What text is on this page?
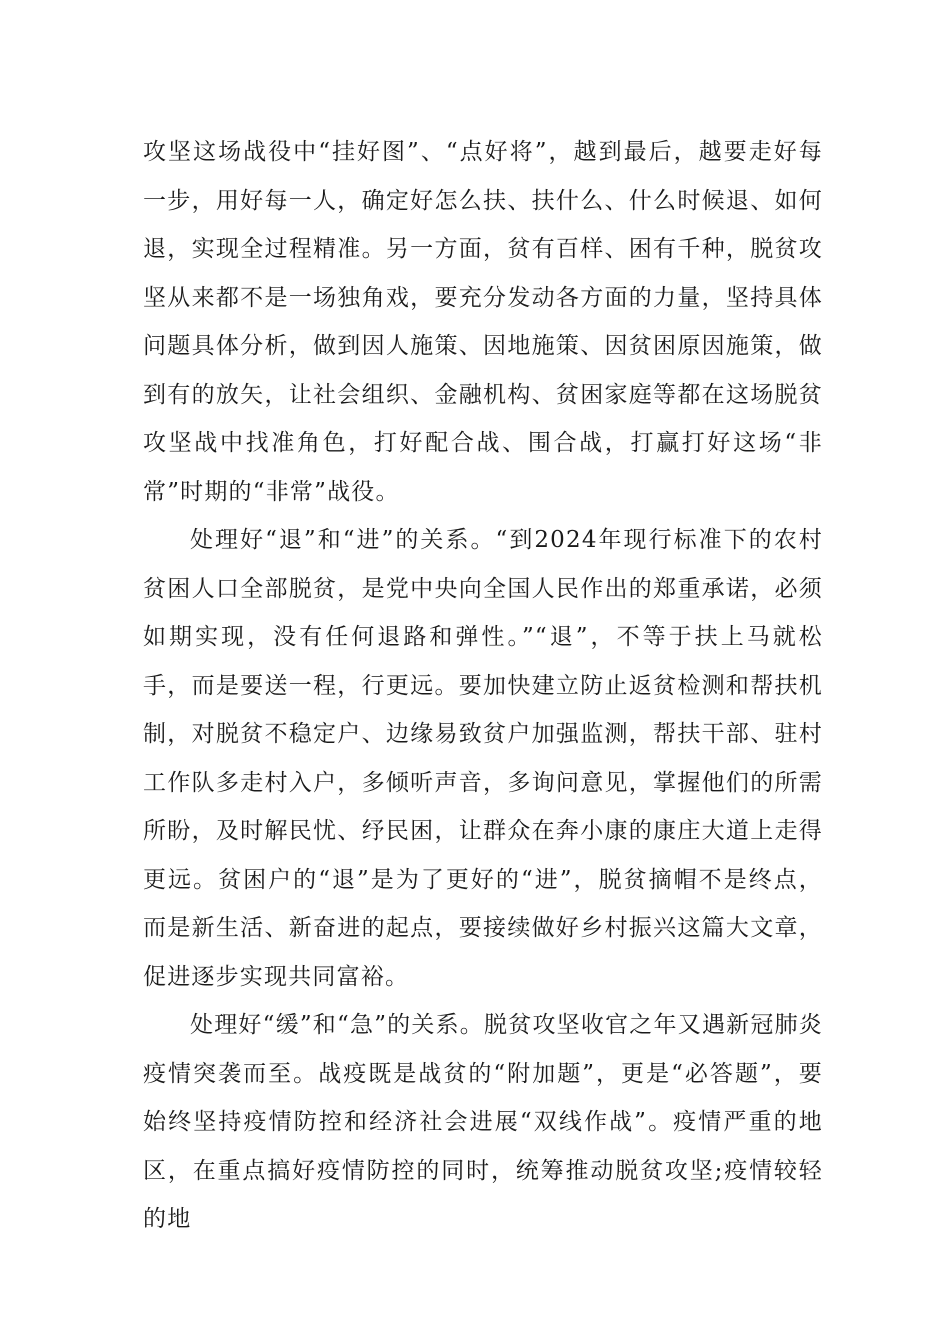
攻坚这场战役中“挂好图”、“点好将”，越到最后，越要走好每一步，用好每一人，确定好怎么扶、扶什么、什么时候退、如何退，实现全过程精准。另一方面，贫有百样、困有千种，脱贫攻坚从来都不是一场独角戏，要充分发动各方面的力量，坚持具体问题具体分析，做到因人施策、因地施策、因贫困原因施策，做到有的放矢，让社会组织、金融机构、贫困家庭等都在这场脱贫攻坚战中找准角色，打好配合战、围合战，打赢打好这场“非常”时期的“非常”战役。

处理好“退”和“进”的关系。“到2024年现行标准下的农村贫困人口全部脱贫，是党中央向全国人民作出的郑重承诺，必须如期实现，没有任何退路和弹性。”“退”，不等于扶上马就松手，而是要送一程，行更远。要加快建立防止返贫检测和帮扶机制，对脱贫不稳定户、边缘易致贫户加强监测，帮扶干部、驻村工作队多走村入户，多倾听声音，多询问意见，掌握他们的所需所盼，及时解民忧、纾民困，让群众在奔小康的康庄大道上走得更远。贫困户的“退”是为了更好的“进”，脱贫摘帽不是终点，而是新生活、新奋进的起点，要接续做好乡村振兴这篇大文章，促进逐步实现共同富裕。

处理好“缓”和“急”的关系。脱贫攻坚收官之年又遇新冠肺炎疫情突袭而至。战疫既是战贫的“附加题”，更是“必答题”，要始终坚持疫情防控和经济社会进展“双线作战”。疫情严重的地区，在重点搞好疫情防控的同时，统筹推动脱贫攻坚;疫情较轻的地
